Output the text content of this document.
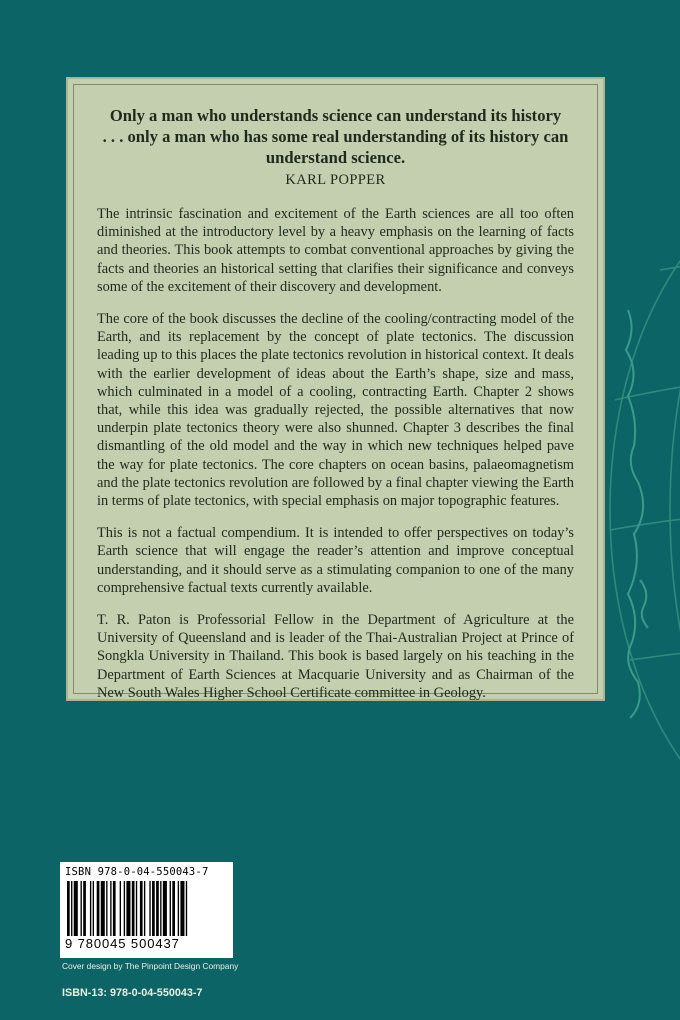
Only a man who understands science can understand its history
. . . only a man who has some real understanding of its history can
understand science.

KARL POPPER

The intrinsic fascination and excitement of the Earth sciences are all too often diminished at the introductory level by a heavy emphasis on the learning of facts and theories. This book attempts to combat conventional approaches by giving the facts and theories an historical setting that clarifies their significance and conveys some of the excitement of their discovery and development.

The core of the book discusses the decline of the cooling/contracting model of the Earth, and its replacement by the concept of plate tectonics. The discussion leading up to this places the plate tectonics revolution in historical context. It deals with the earlier development of ideas about the Earth’s shape, size and mass, which culminated in a model of a cooling, contracting Earth. Chapter 2 shows that, while this idea was gradually rejected, the possible alternatives that now underpin plate tectonics theory were also shunned. Chapter 3 describes the final dismantling of the old model and the way in which new techniques helped pave the way for plate tectonics. The core chapters on ocean basins, palaeomagnetism and the plate tectonics revolution are followed by a final chapter viewing the Earth in terms of plate tectonics, with special emphasis on major topographic features.

This is not a factual compendium. It is intended to offer perspectives on today’s Earth science that will engage the reader’s attention and improve conceptual understanding, and it should serve as a stimulating companion to one of the many comprehensive factual texts currently available.

T. R. Paton is Professorial Fellow in the Department of Agriculture at the University of Queensland and is leader of the Thai-Australian Project at Prince of Songkla University in Thailand. This book is based largely on his teaching in the Department of Earth Sciences at Macquarie University and as Chairman of the New South Wales Higher School Certificate committee in Geology.

ISBN 978-0-04-550043-7
9 780045 500437
Cover design by The Pinpoint Design Company
ISBN-13: 978-0-04-550043-7
